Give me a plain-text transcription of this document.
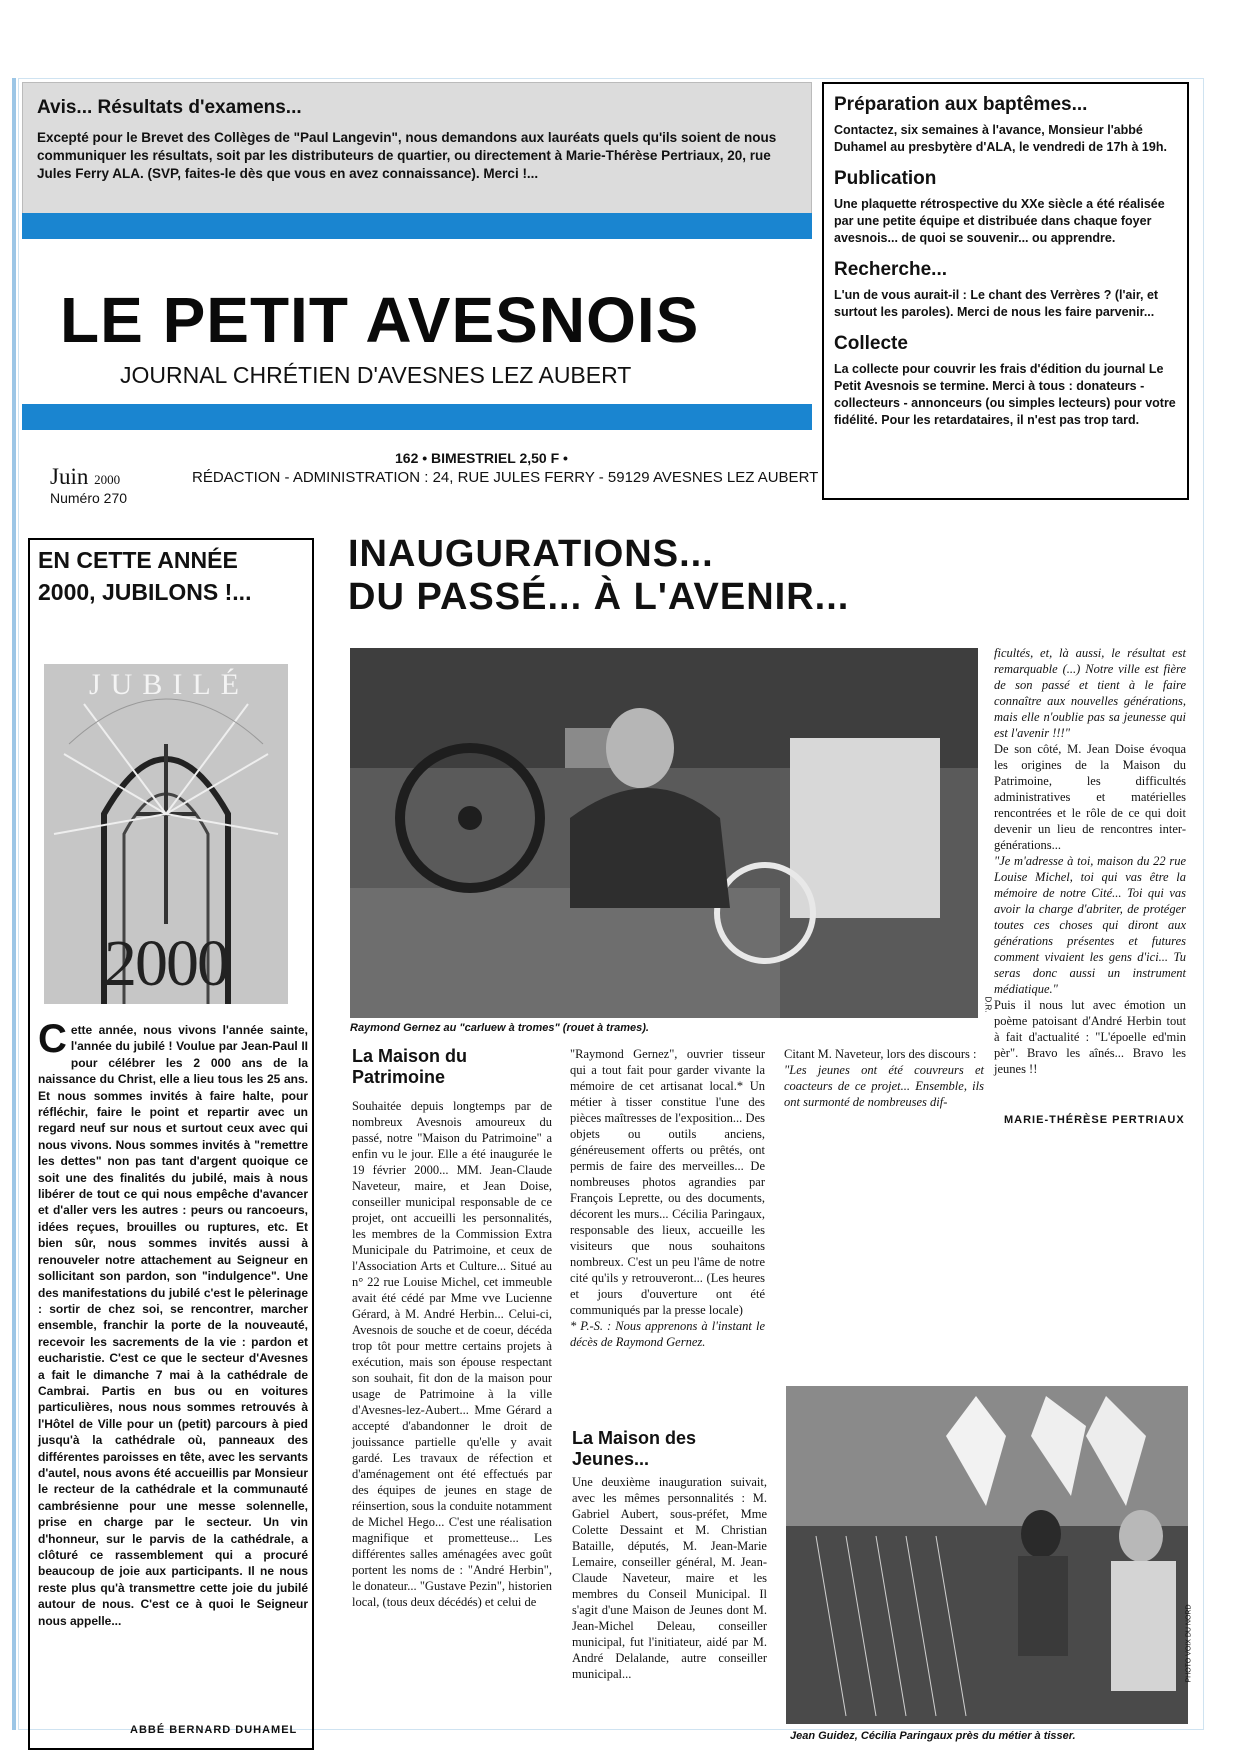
Avis... Résultats d'examens...

Excepté pour le Brevet des Collèges de "Paul Langevin", nous demandons aux lauréats quels qu'ils soient de nous communiquer les résultats, soit par les distributeurs de quartier, ou directement à Marie-Thérèse Pertriaux, 20, rue Jules Ferry ALA. (SVP, faites-le dès que vous en avez connaissance). Merci !...

LE PETIT AVESNOIS
JOURNAL CHRÉTIEN D'AVESNES LEZ AUBERT
Juin 2000
Numéro 270
162 • BIMESTRIEL 2,50 F •
RÉDACTION - ADMINISTRATION : 24, RUE JULES FERRY - 59129 AVESNES LEZ AUBERT
Préparation aux baptêmes...

Contactez, six semaines à l'avance, Monsieur l'abbé Duhamel au presbytère d'ALA, le vendredi de 17h à 19h.

Publication

Une plaquette rétrospective du XXe siècle a été réalisée par une petite équipe et distribuée dans chaque foyer avesnois... de quoi se souvenir... ou apprendre.

Recherche...

L'un de vous aurait-il : Le chant des Verrères ? (l'air, et surtout les paroles). Merci de nous les faire parvenir...

Collecte

La collecte pour couvrir les frais d'édition du journal Le Petit Avesnois se termine. Merci à tous : donateurs - collecteurs - annonceurs (ou simples lecteurs) pour votre fidélité. Pour les retardataires, il n'est pas trop tard.

EN CETTE ANNÉE 2000, JUBILONS !...
JUBILÉ
2000
Cette année, nous vivons l'année sainte, l'année du jubilé ! Voulue par Jean-Paul II pour célébrer les 2 000 ans de la naissance du Christ, elle a lieu tous les 25 ans. Et nous sommes invités à faire halte, pour réfléchir, faire le point et repartir avec un regard neuf sur nous et surtout ceux avec qui nous vivons. Nous sommes invités à "remettre les dettes" non pas tant d'argent quoique ce soit une des finalités du jubilé, mais à nous libérer de tout ce qui nous empêche d'avancer et d'aller vers les autres : peurs ou rancoeurs, idées reçues, brouilles ou ruptures, etc. Et bien sûr, nous sommes invités aussi à renouveler notre attachement au Seigneur en sollicitant son pardon, son "indulgence". Une des manifestations du jubilé c'est le pèlerinage : sortir de chez soi, se rencontrer, marcher ensemble, franchir la porte de la nouveauté, recevoir les sacrements de la vie : pardon et eucharistie. C'est ce que le secteur d'Avesnes a fait le dimanche 7 mai à la cathédrale de Cambrai. Partis en bus ou en voitures particulières, nous nous sommes retrouvés à l'Hôtel de Ville pour un (petit) parcours à pied jusqu'à la cathédrale où, panneaux des différentes paroisses en tête, avec les servants d'autel, nous avons été accueillis par Monsieur le recteur de la cathédrale et la communauté cambrésienne pour une messe solennelle, prise en charge par le secteur. Un vin d'honneur, sur le parvis de la cathédrale, a clôturé ce rassemblement qui a procuré beaucoup de joie aux participants. Il ne nous reste plus qu'à transmettre cette joie du jubilé autour de nous. C'est ce à quoi le Seigneur nous appelle...
ABBÉ BERNARD DUHAMEL
INAUGURATIONS...
DU PASSÉ... À L'AVENIR...
Raymond Gernez au "carluew à tromes" (rouet à trames).
D.R.
La Maison du Patrimoine

Souhaitée depuis longtemps par de nombreux Avesnois amoureux du passé, notre "Maison du Patrimoine" a enfin vu le jour. Elle a été inaugurée le 19 février 2000... MM. Jean-Claude Naveteur, maire, et Jean Doise, conseiller municipal responsable de ce projet, ont accueilli les personnalités, les membres de la Commission Extra Municipale du Patrimoine, et ceux de l'Association Arts et Culture... Situé au n° 22 rue Louise Michel, cet immeuble avait été cédé par Mme vve Lucienne Gérard, à M. André Herbin... Celui-ci, Avesnois de souche et de coeur, décéda trop tôt pour mettre certains projets à exécution, mais son épouse respectant son souhait, fit don de la maison pour usage de Patrimoine à la ville d'Avesnes-lez-Aubert... Mme Gérard a accepté d'abandonner le droit de jouissance partielle qu'elle y avait gardé. Les travaux de réfection et d'aménagement ont été effectués par des équipes de jeunes en stage de réinsertion, sous la conduite notamment de Michel Hego... C'est une réalisation magnifique et prometteuse... Les différentes salles aménagées avec goût portent les noms de : "André Herbin", le donateur... "Gustave Pezin", historien local, (tous deux décédés) et celui de

"Raymond Gernez", ouvrier tisseur qui a tout fait pour garder vivante la mémoire de cet artisanat local.* Un métier à tisser constitue l'une des pièces maîtresses de l'exposition... Des objets ou outils anciens, généreusement offerts ou prêtés, ont permis de faire des merveilles... De nombreuses photos agrandies par François Leprette, ou des documents, décorent les murs... Cécilia Paringaux, responsable des lieux, accueille les visiteurs que nous souhaitons nombreux. C'est un peu l'âme de notre cité qu'ils y retrouveront... (Les heures et jours d'ouverture ont été communiqués par la presse locale)

* P.-S. : Nous apprenons à l'instant le décès de Raymond Gernez.

La Maison des Jeunes...

Une deuxième inauguration suivait, avec les mêmes personnalités : M. Gabriel Aubert, sous-préfet, Mme Colette Dessaint et M. Christian Bataille, députés, M. Jean-Marie Lemaire, conseiller général, M. Jean-Claude Naveteur, maire et les membres du Conseil Municipal. Il s'agit d'une Maison de Jeunes dont M. Jean-Michel Deleau, conseiller municipal, fut l'initiateur, aidé par M. André Delalande, autre conseiller municipal...

Citant M. Naveteur, lors des discours :

"Les jeunes ont été couvreurs et coacteurs de ce projet... Ensemble, ils ont surmonté de nombreuses dif-

ficultés, et, là aussi, le résultat est remarquable (...) Notre ville est fière de son passé et tient à le faire connaître aux nouvelles générations, mais elle n'oublie pas sa jeunesse qui est l'avenir !!!"

De son côté, M. Jean Doise évoqua les origines de la Maison du Patrimoine, les difficultés administratives et matérielles rencontrées et le rôle de ce qui doit devenir un lieu de rencontres inter-générations...

"Je m'adresse à toi, maison du 22 rue Louise Michel, toi qui vas être la mémoire de notre Cité... Toi qui vas avoir la charge d'abriter, de protéger toutes ces choses qui diront aux générations présentes et futures comment vivaient les gens d'ici... Tu seras donc aussi un instrument médiatique."

Puis il nous lut avec émotion un poème patoisant d'André Herbin tout à fait d'actualité : "L'époelle ed'min pèr". Bravo les aînés... Bravo les jeunes !!

MARIE-THÉRÈSE PERTRIAUX
Jean Guidez, Cécilia Paringaux près du métier à tisser.
PHOTO VOIX DU NORD
